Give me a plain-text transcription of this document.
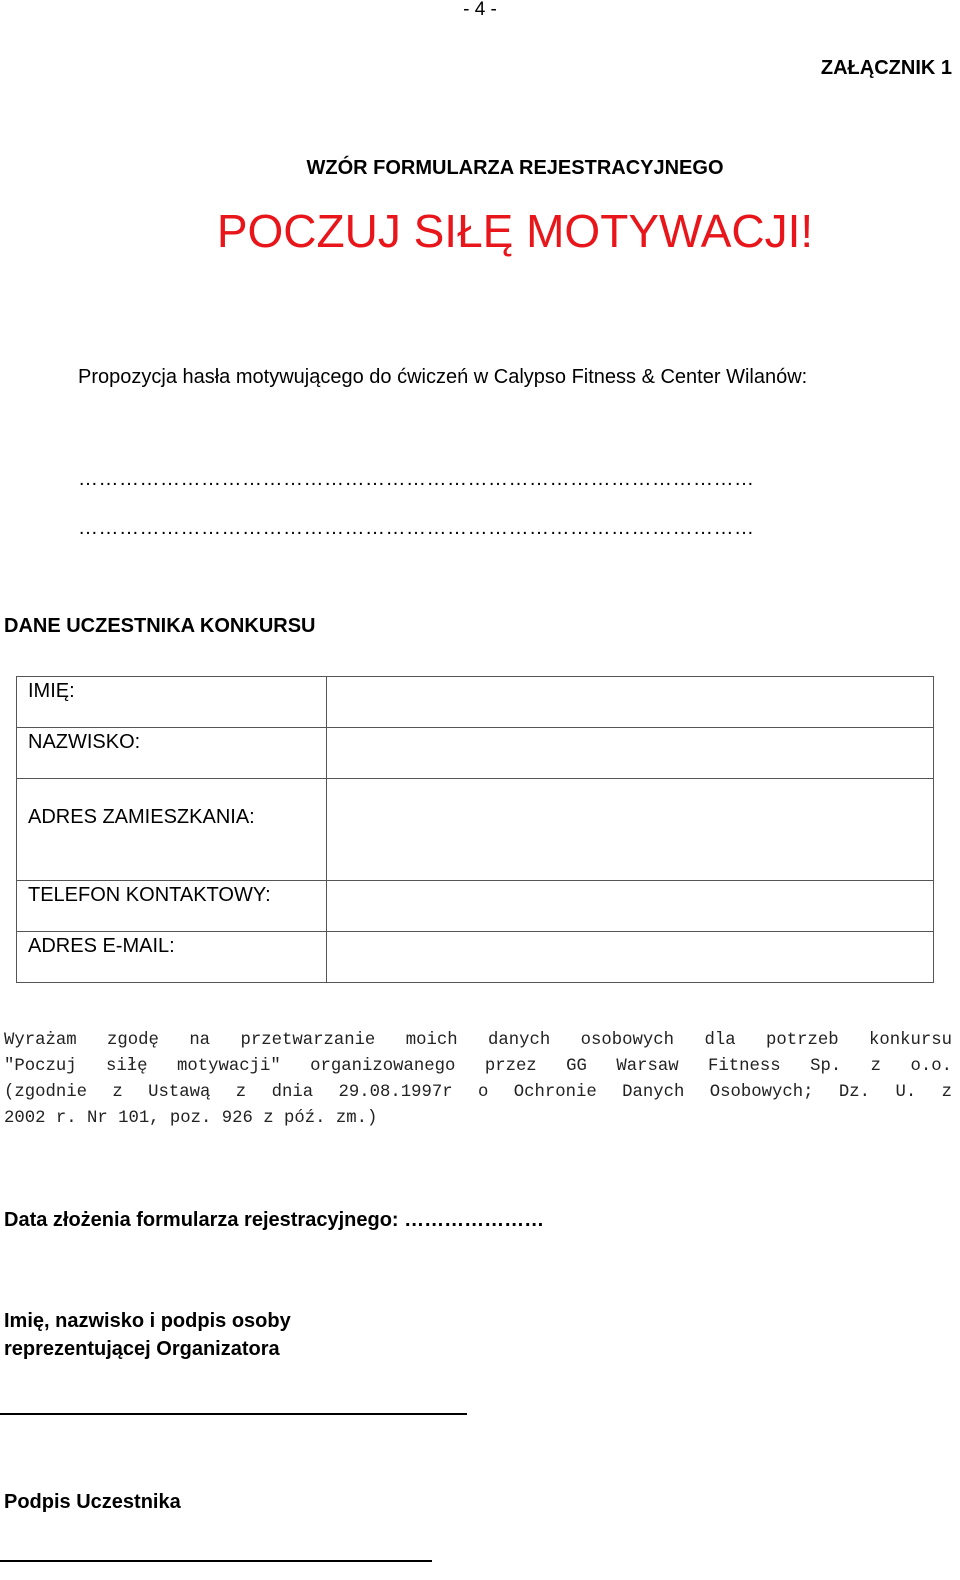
- 4 -
ZAŁĄCZNIK 1
WZÓR FORMULARZA REJESTRACYJNEGO
POCZUJ SIŁĘ MOTYWACJI!
Propozycja hasła motywującego do ćwiczeń w Calypso Fitness & Center Wilanów:
………………………………………………………………………………………
………………………………………………………………………………………
DANE UCZESTNIKA KONKURSU
IMIĘ:	
NAZWISKO:	
ADRES ZAMIESZKANIA:	
TELEFON KONTAKTOWY:	
ADRES E-MAIL:	
Wyrażam zgodę na przetwarzanie moich danych osobowych dla potrzeb konkursu
"Poczuj siłę motywacji" organizowanego przez GG Warsaw Fitness Sp. z o.o.
(zgodnie z Ustawą z dnia 29.08.1997r o Ochronie Danych Osobowych; Dz. U. z
2002 r. Nr 101, poz. 926 z póź. zm.)
Data złożenia formularza rejestracyjnego: …………………
Imię, nazwisko i podpis osoby
reprezentującej Organizatora
Podpis Uczestnika
